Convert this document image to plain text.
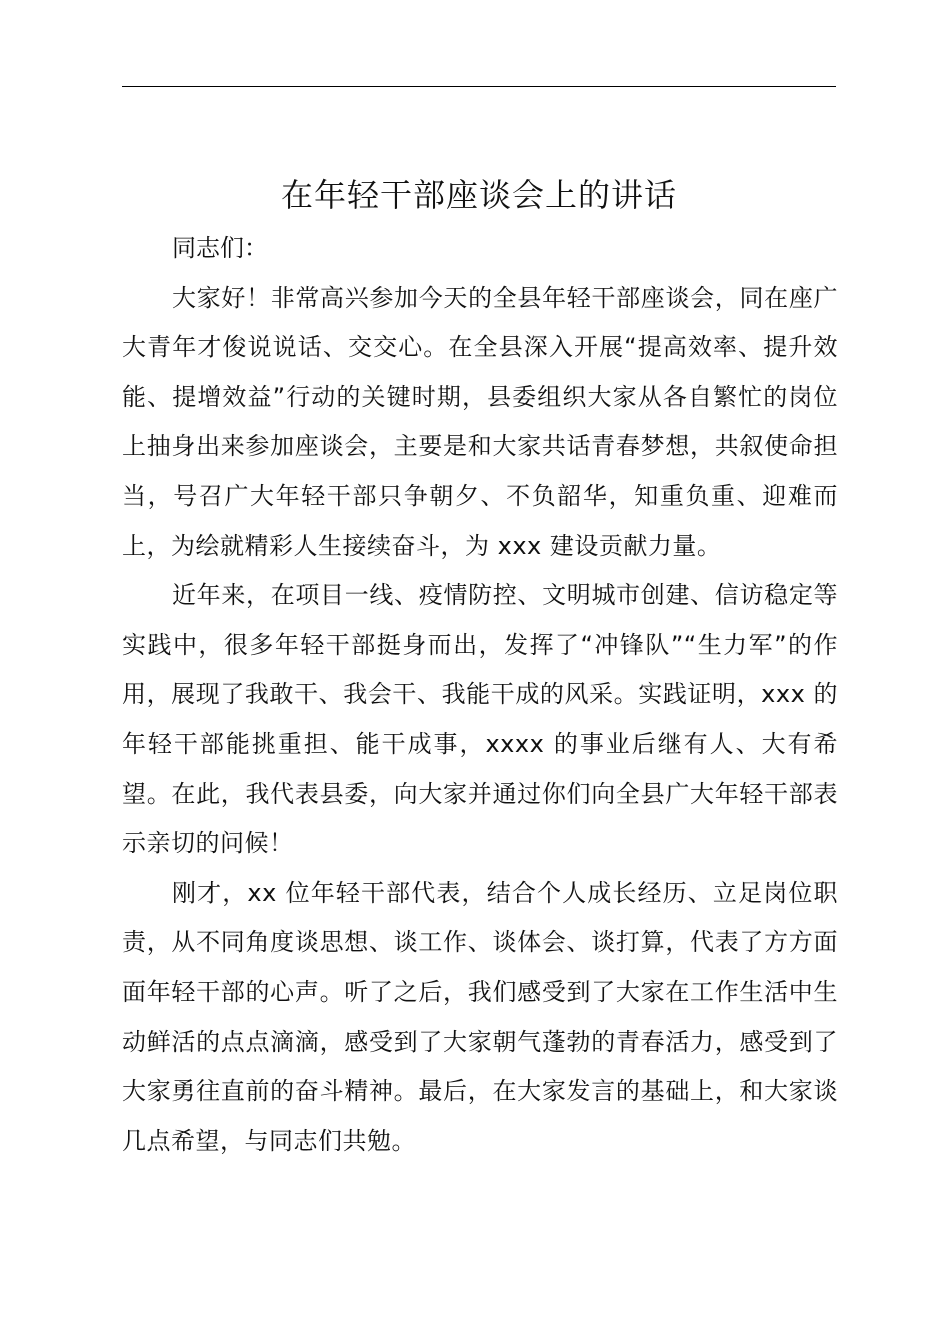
在年轻干部座谈会上的讲话

同志们：

大家好！非常高兴参加今天的全县年轻干部座谈会，同在座广大青年才俊说说话、交交心。在全县深入开展“提高效率、提升效能、提增效益”行动的关键时期，县委组织大家从各自繁忙的岗位上抽身出来参加座谈会，主要是和大家共话青春梦想，共叙使命担当，号召广大年轻干部只争朝夕、不负韶华，知重负重、迎难而上，为绘就精彩人生接续奋斗，为 xxx 建设贡献力量。

近年来，在项目一线、疫情防控、文明城市创建、信访稳定等实践中，很多年轻干部挺身而出，发挥了“冲锋队”“生力军”的作用，展现了我敢干、我会干、我能干成的风采。实践证明，xxx 的年轻干部能挑重担、能干成事，xxxx 的事业后继有人、大有希望。在此，我代表县委，向大家并通过你们向全县广大年轻干部表示亲切的问候！

刚才，xx 位年轻干部代表，结合个人成长经历、立足岗位职责，从不同角度谈思想、谈工作、谈体会、谈打算，代表了方方面面年轻干部的心声。听了之后，我们感受到了大家在工作生活中生动鲜活的点点滴滴，感受到了大家朝气蓬勃的青春活力，感受到了大家勇往直前的奋斗精神。最后，在大家发言的基础上，和大家谈几点希望，与同志们共勉。
